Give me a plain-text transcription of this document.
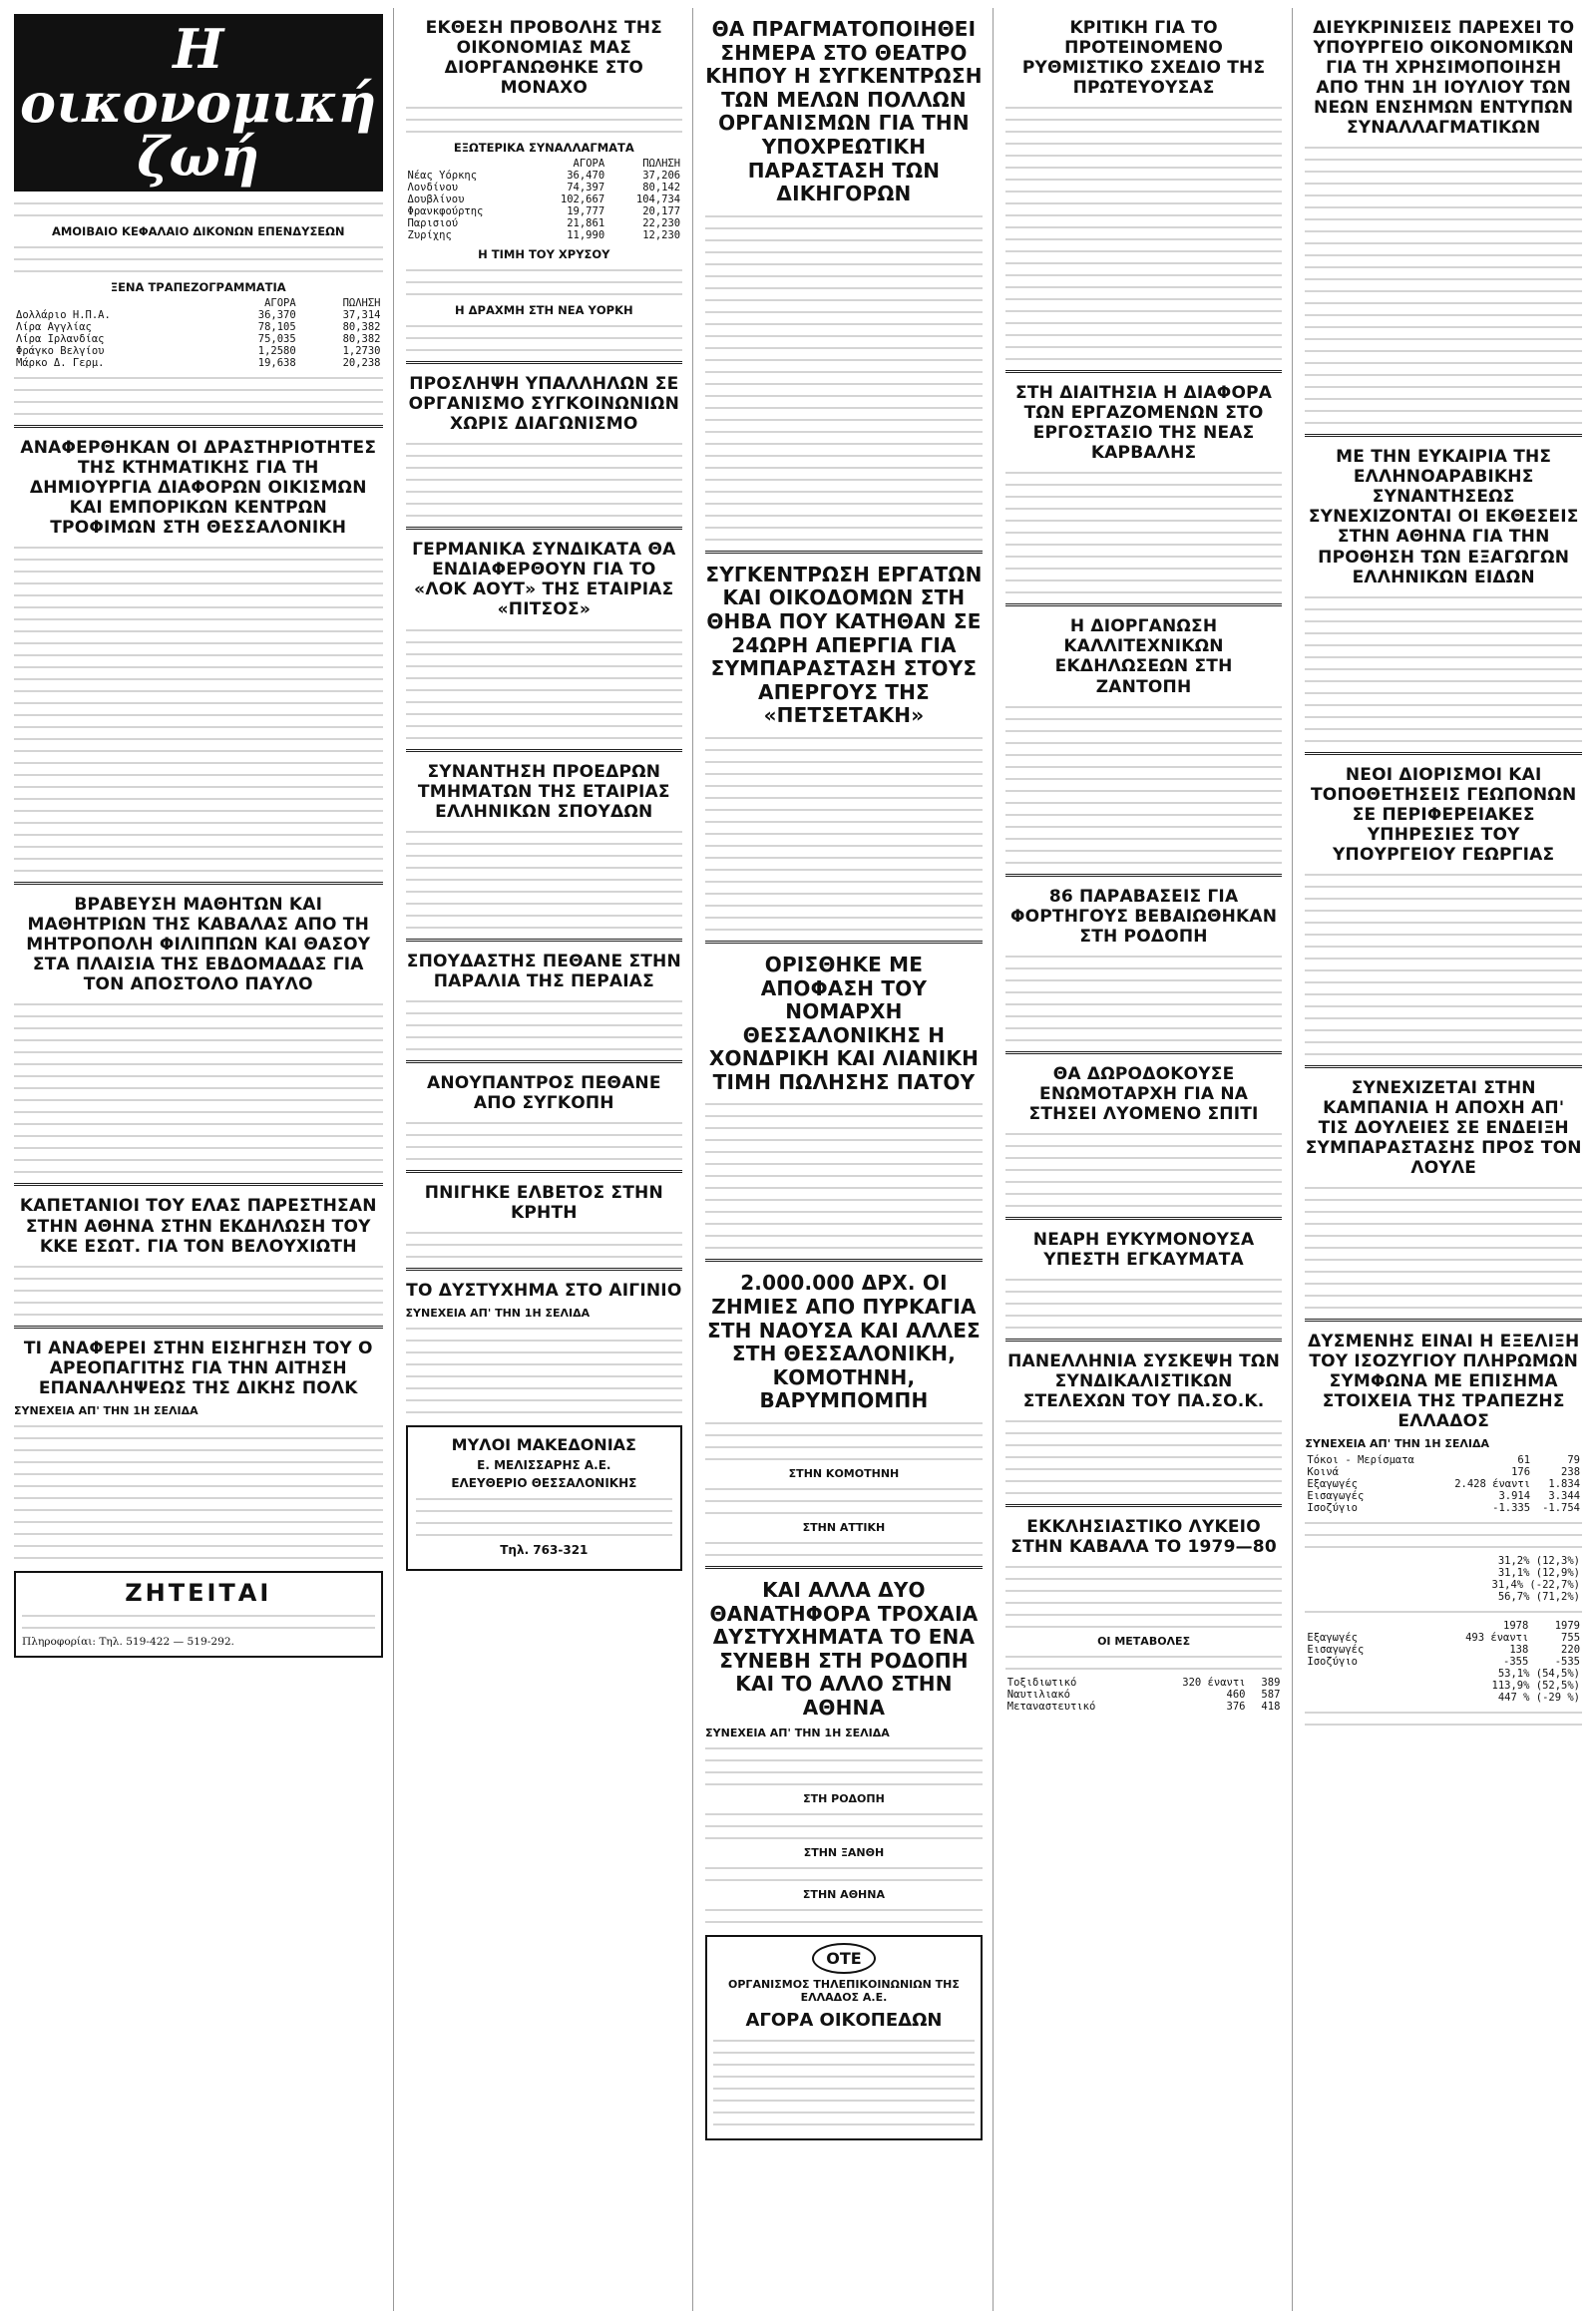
Η οικονομική ζωή
ΑΜΟΙΒΑΙΟ ΚΕΦΑΛΑΙΟ ΔΙΚΟΝΩΝ ΕΠΕΝΔΥΣΕΩΝ
ΞΕΝΑ ΤΡΑΠΕΖΟΓΡΑΜΜΑΤΙΑ
	ΑΓΟΡΑ	ΠΩΛΗΣΗ
Δολλάριο Η.Π.Α.	36,370	37,314
Λίρα Αγγλίας	78,105	80,382
Λίρα Ιρλανδίας	75,035	80,382
Φράγκο Βελγίου	1,2580	1,2730
Μάρκο Δ. Γερμ.	19,638	20,238
ΑΝΑΦΕΡΘΗΚΑΝ ΟΙ ΔΡΑΣΤΗΡΙΟΤΗΤΕΣ ΤΗΣ ΚΤΗΜΑΤΙΚΗΣ ΓΙΑ ΤΗ ΔΗΜΙΟΥΡΓΙΑ ΔΙΑΦΟΡΩΝ ΟΙΚΙΣΜΩΝ ΚΑΙ ΕΜΠΟΡΙΚΩΝ ΚΕΝΤΡΩΝ ΤΡΟΦΙΜΩΝ ΣΤΗ ΘΕΣΣΑΛΟΝΙΚΗ
ΒΡΑΒΕΥΣΗ ΜΑΘΗΤΩΝ ΚΑΙ ΜΑΘΗΤΡΙΩΝ ΤΗΣ ΚΑΒΑΛΑΣ ΑΠΟ ΤΗ ΜΗΤΡΟΠΟΛΗ ΦΙΛΙΠΠΩΝ ΚΑΙ ΘΑΣΟΥ ΣΤΑ ΠΛΑΙΣΙΑ ΤΗΣ ΕΒΔΟΜΑΔΑΣ ΓΙΑ ΤΟΝ ΑΠΟΣΤΟΛΟ ΠΑΥΛΟ
ΚΑΠΕΤΑΝΙΟΙ ΤΟΥ ΕΛΑΣ ΠΑΡΕΣΤΗΣΑΝ ΣΤΗΝ ΑΘΗΝΑ ΣΤΗΝ ΕΚΔΗΛΩΣΗ ΤΟΥ ΚΚΕ ΕΣΩΤ. ΓΙΑ ΤΟΝ ΒΕΛΟΥΧΙΩΤΗ
ΤΙ ΑΝΑΦΕΡΕΙ ΣΤΗΝ ΕΙΣΗΓΗΣΗ ΤΟΥ Ο ΑΡΕΟΠΑΓΙΤΗΣ ΓΙΑ ΤΗΝ ΑΙΤΗΣΗ ΕΠΑΝΑΛΗΨΕΩΣ ΤΗΣ ΔΙΚΗΣ ΠΟΛΚ
ΣΥΝΕΧΕΙΑ ΑΠ' ΤΗΝ 1Η ΣΕΛΙΔΑ
ΖΗΤΕΙΤΑΙ
Πληροφορίαι: Τηλ. 519-422 — 519-292.
ΕΚΘΕΣΗ ΠΡΟΒΟΛΗΣ ΤΗΣ ΟΙΚΟΝΟΜΙΑΣ ΜΑΣ ΔΙΟΡΓΑΝΩΘΗΚΕ ΣΤΟ ΜΟΝΑΧΟ
ΕΞΩΤΕΡΙΚΑ ΣΥΝΑΛΛΑΓΜΑΤΑ
	ΑΓΟΡΑ	ΠΩΛΗΣΗ
Νέας Υόρκης	36,470	37,206
Λονδίνου	74,397	80,142
Δουβλίνου	102,667	104,734
Φρανκφούρτης	19,777	20,177
Παρισιού	21,861	22,230
Ζυρίχης	11,990	12,230
Η ΤΙΜΗ ΤΟΥ ΧΡΥΣΟΥ
Η ΔΡΑΧΜΗ ΣΤΗ ΝΕΑ ΥΟΡΚΗ
ΠΡΟΣΛΗΨΗ ΥΠΑΛΛΗΛΩΝ ΣΕ ΟΡΓΑΝΙΣΜΟ ΣΥΓΚΟΙΝΩΝΙΩΝ ΧΩΡΙΣ ΔΙΑΓΩΝΙΣΜΟ
ΓΕΡΜΑΝΙΚΑ ΣΥΝΔΙΚΑΤΑ ΘΑ ΕΝΔΙΑΦΕΡΘΟΥΝ ΓΙΑ ΤΟ «ΛΟΚ ΑΟΥΤ» ΤΗΣ ΕΤΑΙΡΙΑΣ «ΠΙΤΣΟΣ»
ΣΥΝΑΝΤΗΣΗ ΠΡΟΕΔΡΩΝ ΤΜΗΜΑΤΩΝ ΤΗΣ ΕΤΑΙΡΙΑΣ ΕΛΛΗΝΙΚΩΝ ΣΠΟΥΔΩΝ
ΣΠΟΥΔΑΣΤΗΣ ΠΕΘΑΝΕ ΣΤΗΝ ΠΑΡΑΛΙΑ ΤΗΣ ΠΕΡΑΙΑΣ
ΑΝΟΥΠΑΝΤΡΟΣ ΠΕΘΑΝΕ ΑΠΟ ΣΥΓΚΟΠΗ
ΠΝΙΓΗΚΕ ΕΛΒΕΤΟΣ ΣΤΗΝ ΚΡΗΤΗ
ΤΟ ΔΥΣΤΥΧΗΜΑ ΣΤΟ ΑΙΓΙΝΙΟ
ΣΥΝΕΧΕΙΑ ΑΠ' ΤΗΝ 1Η ΣΕΛΙΔΑ
ΜΥΛΟΙ ΜΑΚΕΔΟΝΙΑΣ
Ε. ΜΕΛΙΣΣΑΡΗΣ Α.Ε.
ΕΛΕΥΘΕΡΙΟ ΘΕΣΣΑΛΟΝΙΚΗΣ
Τηλ. 763-321
ΘΑ ΠΡΑΓΜΑΤΟΠΟΙΗΘΕΙ ΣΗΜΕΡΑ ΣΤΟ ΘΕΑΤΡΟ ΚΗΠΟΥ Η ΣΥΓΚΕΝΤΡΩΣΗ ΤΩΝ ΜΕΛΩΝ ΠΟΛΛΩΝ ΟΡΓΑΝΙΣΜΩΝ ΓΙΑ ΤΗΝ ΥΠΟΧΡΕΩΤΙΚΗ ΠΑΡΑΣΤΑΣΗ ΤΩΝ ΔΙΚΗΓΟΡΩΝ
ΣΥΓΚΕΝΤΡΩΣΗ ΕΡΓΑΤΩΝ ΚΑΙ ΟΙΚΟΔΟΜΩΝ ΣΤΗ ΘΗΒΑ ΠΟΥ ΚΑΤΗΘΑΝ ΣΕ 24ΩΡΗ ΑΠΕΡΓΙΑ ΓΙΑ ΣΥΜΠΑΡΑΣΤΑΣΗ ΣΤΟΥΣ ΑΠΕΡΓΟΥΣ ΤΗΣ «ΠΕΤΣΕΤΑΚΗ»
ΟΡΙΣΘΗΚΕ ΜΕ ΑΠΟΦΑΣΗ ΤΟΥ ΝΟΜΑΡΧΗ ΘΕΣΣΑΛΟΝΙΚΗΣ Η ΧΟΝΔΡΙΚΗ ΚΑΙ ΛΙΑΝΙΚΗ ΤΙΜΗ ΠΩΛΗΣΗΣ ΠΑΤΟΥ
2.000.000 ΔΡΧ. ΟΙ ΖΗΜΙΕΣ ΑΠΟ ΠΥΡΚΑΓΙΑ ΣΤΗ ΝΑΟΥΣΑ ΚΑΙ ΑΛΛΕΣ ΣΤΗ ΘΕΣΣΑΛΟΝΙΚΗ, ΚΟΜΟΤΗΝΗ, ΒΑΡΥΜΠΟΜΠΗ
ΣΤΗΝ ΚΟΜΟΤΗΝΗ
ΣΤΗΝ ΑΤΤΙΚΗ
ΚΑΙ ΑΛΛΑ ΔΥΟ ΘΑΝΑΤΗΦΟΡΑ ΤΡΟΧΑΙΑ ΔΥΣΤΥΧΗΜΑΤΑ ΤΟ ΕΝΑ ΣΥΝΕΒΗ ΣΤΗ ΡΟΔΟΠΗ ΚΑΙ ΤΟ ΑΛΛΟ ΣΤΗΝ ΑΘΗΝΑ
ΣΥΝΕΧΕΙΑ ΑΠ' ΤΗΝ 1Η ΣΕΛΙΔΑ
ΣΤΗ ΡΟΔΟΠΗ
ΣΤΗΝ ΞΑΝΘΗ
ΣΤΗΝ ΑΘΗΝΑ
ΟΤΕ
ΟΡΓΑΝΙΣΜΟΣ ΤΗΛΕΠΙΚΟΙΝΩΝΙΩΝ ΤΗΣ ΕΛΛΑΔΟΣ Α.Ε.
ΑΓΟΡΑ ΟΙΚΟΠΕΔΩΝ
ΚΡΙΤΙΚΗ ΓΙΑ ΤΟ ΠΡΟΤΕΙΝΟΜΕΝΟ ΡΥΘΜΙΣΤΙΚΟ ΣΧΕΔΙΟ ΤΗΣ ΠΡΩΤΕΥΟΥΣΑΣ
ΣΤΗ ΔΙΑΙΤΗΣΙΑ Η ΔΙΑΦΟΡΑ ΤΩΝ ΕΡΓΑΖΟΜΕΝΩΝ ΣΤΟ ΕΡΓΟΣΤΑΣΙΟ ΤΗΣ ΝΕΑΣ ΚΑΡΒΑΛΗΣ
Η ΔΙΟΡΓΑΝΩΣΗ ΚΑΛΛΙΤΕΧΝΙΚΩΝ ΕΚΔΗΛΩΣΕΩΝ ΣΤΗ ΖΑΝΤΟΠΗ
86 ΠΑΡΑΒΑΣΕΙΣ ΓΙΑ ΦΟΡΤΗΓΟΥΣ ΒΕΒΑΙΩΘΗΚΑΝ ΣΤΗ ΡΟΔΟΠΗ
ΘΑ ΔΩΡΟΔΟΚΟΥΣΕ ΕΝΩΜΟΤΑΡΧΗ ΓΙΑ ΝΑ ΣΤΗΣΕΙ ΛΥΟΜΕΝΟ ΣΠΙΤΙ
ΝΕΑΡΗ ΕΥΚΥΜΟΝΟΥΣΑ ΥΠΕΣΤΗ ΕΓΚΑΥΜΑΤΑ
ΠΑΝΕΛΛΗΝΙΑ ΣΥΣΚΕΨΗ ΤΩΝ ΣΥΝΔΙΚΑΛΙΣΤΙΚΩΝ ΣΤΕΛΕΧΩΝ ΤΟΥ ΠΑ.ΣΟ.Κ.
ΕΚΚΛΗΣΙΑΣΤΙΚΟ ΛΥΚΕΙΟ ΣΤΗΝ ΚΑΒΑΛΑ ΤΟ 1979—80
ΟΙ ΜΕΤΑΒΟΛΕΣ
Τοξιδιωτικό	320 έναντι	389
Ναυτιλιακό	460	587
Μεταναστευτικό	376	418
ΔΙΕΥΚΡΙΝΙΣΕΙΣ ΠΑΡΕΧΕΙ ΤΟ ΥΠΟΥΡΓΕΙΟ ΟΙΚΟΝΟΜΙΚΩΝ ΓΙΑ ΤΗ ΧΡΗΣΙΜΟΠΟΙΗΣΗ ΑΠΟ ΤΗΝ 1Η ΙΟΥΛΙΟΥ ΤΩΝ ΝΕΩΝ ΕΝΣΗΜΩΝ ΕΝΤΥΠΩΝ ΣΥΝΑΛΛΑΓΜΑΤΙΚΩΝ
ΜΕ ΤΗΝ ΕΥΚΑΙΡΙΑ ΤΗΣ ΕΛΛΗΝΟΑΡΑΒΙΚΗΣ ΣΥΝΑΝΤΗΣΕΩΣ ΣΥΝΕΧΙΖΟΝΤΑΙ ΟΙ ΕΚΘΕΣΕΙΣ ΣΤΗΝ ΑΘΗΝΑ ΓΙΑ ΤΗΝ ΠΡΟΘΗΣΗ ΤΩΝ ΕΞΑΓΩΓΩΝ ΕΛΛΗΝΙΚΩΝ ΕΙΔΩΝ
ΝΕΟΙ ΔΙΟΡΙΣΜΟΙ ΚΑΙ ΤΟΠΟΘΕΤΗΣΕΙΣ ΓΕΩΠΟΝΩΝ ΣΕ ΠΕΡΙΦΕΡΕΙΑΚΕΣ ΥΠΗΡΕΣΙΕΣ ΤΟΥ ΥΠΟΥΡΓΕΙΟΥ ΓΕΩΡΓΙΑΣ
ΣΥΝΕΧΙΖΕΤΑΙ ΣΤΗΝ ΚΑΜΠΑΝΙΑ Η ΑΠΟΧΗ ΑΠ' ΤΙΣ ΔΟΥΛΕΙΕΣ ΣΕ ΕΝΔΕΙΞΗ ΣΥΜΠΑΡΑΣΤΑΣΗΣ ΠΡΟΣ ΤΟΝ ΛΟΥΛΕ
ΔΥΣΜΕΝΗΣ ΕΙΝΑΙ Η ΕΞΕΛΙΞΗ ΤΟΥ ΙΣΟΖΥΓΙΟΥ ΠΛΗΡΩΜΩΝ ΣΥΜΦΩΝΑ ΜΕ ΕΠΙΣΗΜΑ ΣΤΟΙΧΕΙΑ ΤΗΣ ΤΡΑΠΕΖΗΣ ΕΛΛΑΔΟΣ
ΣΥΝΕΧΕΙΑ ΑΠ' ΤΗΝ 1Η ΣΕΛΙΔΑ
Τόκοι - Μερίσματα	61	79
Κοινά	176	238
Εξαγωγές	2.428 έναντι	1.834
Εισαγωγές	3.914	3.344
Ισοζύγιο	-1.335	-1.754
	31,2% (12,3%)
	31,1% (12,9%)
	31,4% (-22,7%)
	56,7% (71,2%)
	1978	1979
Εξαγωγές	493 έναντι	755
Εισαγωγές	138	220
Ισοζύγιο	-355	-535
	53,1% (54,5%)
	113,9% (52,5%)
	447 % (-29 %)
